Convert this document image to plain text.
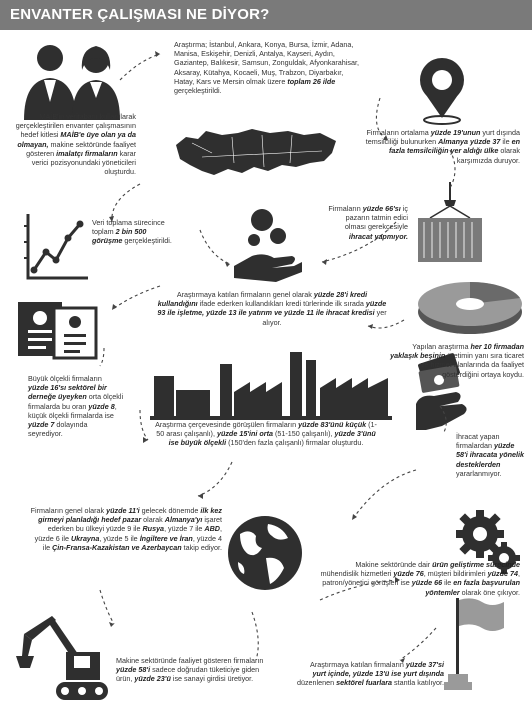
ENVANTER ÇALIŞMASI NE DİYOR?
MAİB'in veritabanı kullanılarak gerçekleştirilen envanter çalışmasının hedef kitlesi MAİB'e üye olan ya da olmayan, makine sektöründe faaliyet gösteren imalatçı firmaların karar verici pozisyonundaki yöneticileri oluşturdu.
Araştırma; İstanbul, Ankara, Konya, Bursa, İzmir, Adana, Manisa, Eskişehir, Denizli, Antalya, Kayseri, Aydın, Gaziantep, Balıkesir, Samsun, Zonguldak, Afyonkarahisar, Aksaray, Kütahya, Kocaeli, Muş, Trabzon, Diyarbakır, Hatay, Kars ve Mersin olmak üzere toplam 26 ilde gerçekleştirildi.
Firmaların ortalama yüzde 19'unun yurt dışında temsilciliği bulunurken Almanya yüzde 37 ile en fazla temsilciliğin yer aldığı ülke olarak karşımızda duruyor.
Veri toplama sürecince toplam 2 bin 500 görüşme gerçekleştirildi.
Firmaların yüzde 66'sı iç pazarın tatmin edici olması gerekçesiyle ihracat yapmıyor.
Araştırmaya katılan firmaların genel olarak yüzde 28'i kredi kullandığını ifade ederken kullandıkları kredi türlerinde ilk sırada yüzde 93 ile işletme, yüzde 13 ile yatırım ve yüzde 11 ile ihracat kredisi yer alıyor.
Yapılan araştırma her 10 firmadan yaklaşık beşinin üretimin yanı sıra ticaret ve hizmet alanlarında da faaliyet gösterdiğini ortaya koydu.
Büyük ölçekli firmaların yüzde 16'sı sektörel bir derneğe üyeyken orta ölçekli firmalarda bu oran yüzde 8, küçük ölçekli firmalarda ise yüzde 7 dolayında seyrediyor.
Araştırma çerçevesinde görüşülen firmaların yüzde 83'ünü küçük (1-50 arası çalışanlı), yüzde 15'ini orta (51-150 çalışanlı), yüzde 3'ünü ise büyük ölçekli (150'den fazla çalışanlı) firmalar oluşturdu.
İhracat yapan firmalardan yüzde 58'i ihracata yönelik desteklerden yararlanmıyor.
Firmaların genel olarak yüzde 11'i gelecek dönemde ilk kez girmeyi planladığı hedef pazar olarak Almanya'yı işaret ederken bu ülkeyi yüzde 9 ile Rusya, yüzde 7 ile ABD, yüzde 6 ile Ukrayna, yüzde 5 ile İngiltere ve İran, yüzde 4 ile Çin-Fransa-Kazakistan ve Azerbaycan takip ediyor.
Makine sektöründe dair ürün geliştirme sürecinde mühendislik hizmetleri yüzde 76, müşteri bildirimleri yüzde 74, patron/yönetici görüşleri ise yüzde 66 ile en fazla başvurulan yöntemler olarak öne çıkıyor.
Makine sektöründe faaliyet gösteren firmaların yüzde 58'i sadece doğrudan tüketiciye giden ürün, yüzde 23'ü ise sanayi girdisi üretiyor.
Araştırmaya katılan firmaların yüzde 37'si yurt içinde, yüzde 13'ü ise yurt dışında düzenlenen sektörel fuarlara stantla katılıyor.
